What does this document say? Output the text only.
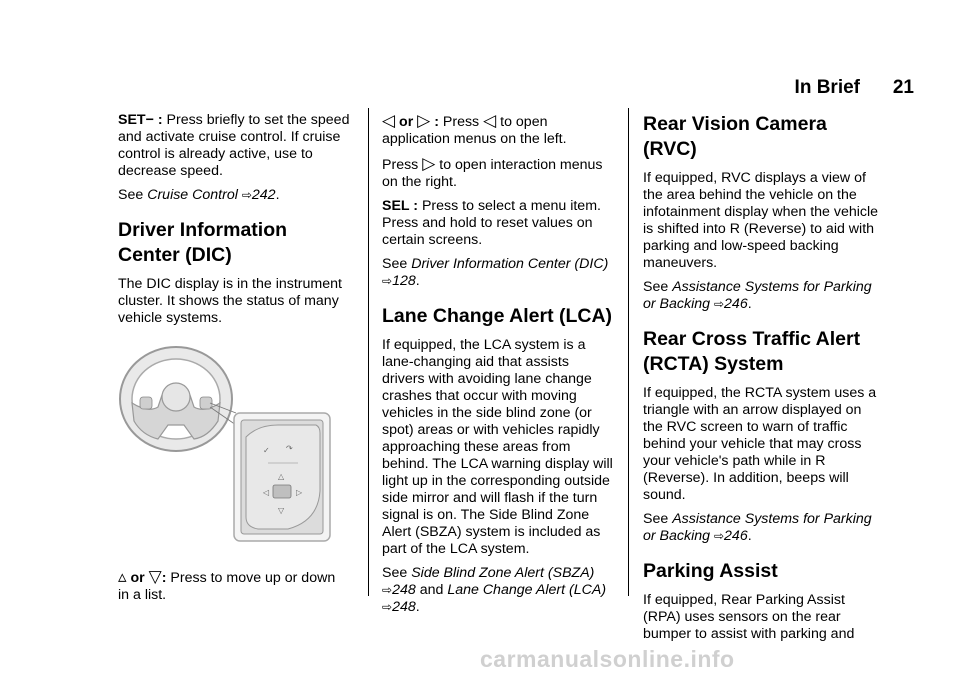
In Brief 21

SET− : Press briefly to set the speed and activate cruise control. If cruise control is already active, use to decrease speed.

See Cruise Control ⇨242.

Driver Information Center (DIC)

The DIC display is in the instrument cluster. It shows the status of many vehicle systems.

✓ ↷
△
◁	▷
▽

▵ or ▽: Press to move up or down in a list.

◁ or ▷ : Press ◁ to open application menus on the left.

Press ▷ to open interaction menus on the right.

SEL : Press to select a menu item. Press and hold to reset values on certain screens.

See Driver Information Center (DIC) ⇨128.

Lane Change Alert (LCA)

If equipped, the LCA system is a lane-changing aid that assists drivers with avoiding lane change crashes that occur with moving vehicles in the side blind zone (or spot) areas or with vehicles rapidly approaching these areas from behind. The LCA warning display will light up in the corresponding outside side mirror and will flash if the turn signal is on. The Side Blind Zone Alert (SBZA) system is included as part of the LCA system.

See Side Blind Zone Alert (SBZA) ⇨248 and Lane Change Alert (LCA) ⇨248.

Rear Vision Camera (RVC)

If equipped, RVC displays a view of the area behind the vehicle on the infotainment display when the vehicle is shifted into R (Reverse) to aid with parking and low-speed backing maneuvers.

See Assistance Systems for Parking or Backing ⇨246.

Rear Cross Traffic Alert (RCTA) System

If equipped, the RCTA system uses a triangle with an arrow displayed on the RVC screen to warn of traffic behind your vehicle that may cross your vehicle's path while in R (Reverse). In addition, beeps will sound.

See Assistance Systems for Parking or Backing ⇨246.

Parking Assist

If equipped, Rear Parking Assist (RPA) uses sensors on the rear bumper to assist with parking and

carmanualsonline.info
